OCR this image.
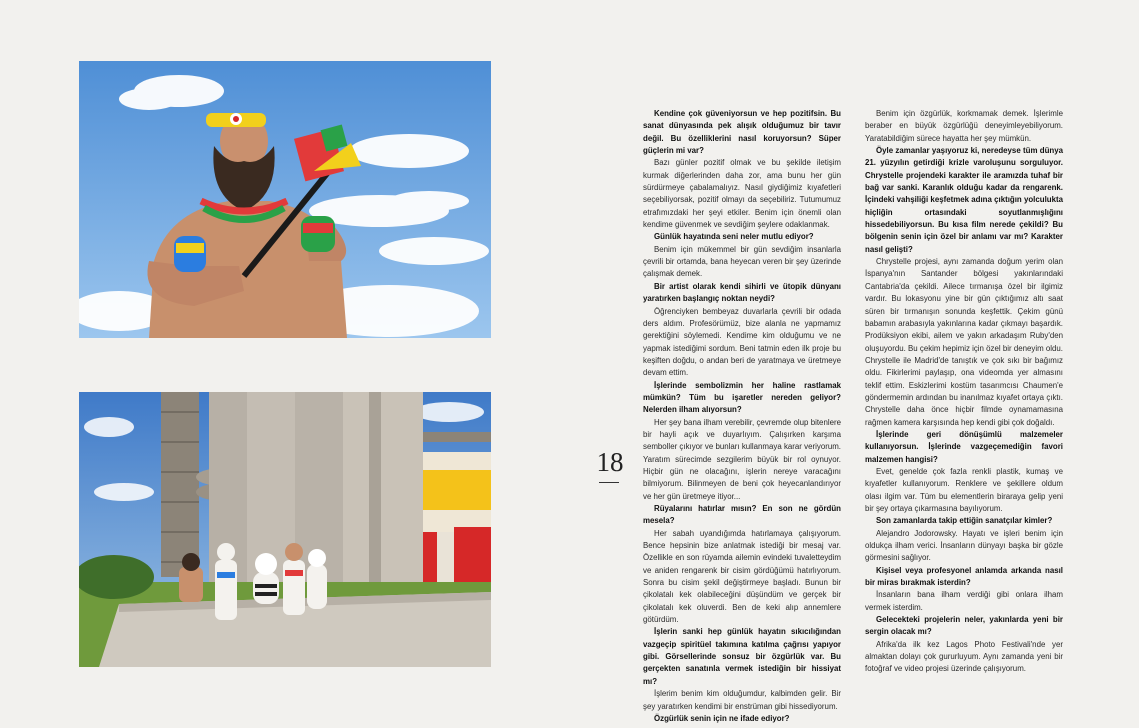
18

Kendine çok güveniyorsun ve hep pozitifsin. Bu sanat dünyasında pek alışık olduğumuz bir tavır değil. Bu özelliklerini nasıl koruyorsun? Süper güçlerin mi var?

Bazı günler pozitif olmak ve bu şekilde iletişim kurmak diğerlerinden daha zor, ama bunu her gün sürdürmeye çabalamalıyız. Nasıl giydiğimiz kıyafetleri seçebiliyorsak, pozitif olmayı da seçebiliriz. Tutumumuz etrafımızdaki her şeyi etkiler. Benim için önemli olan kendime güvenmek ve sevdiğim şeylere odaklanmak.

Günlük hayatında seni neler mutlu ediyor?

Benim için mükemmel bir gün sevdiğim insanlarla çevrili bir ortamda, bana heyecan veren bir şey üzerinde çalışmak demek.

Bir artist olarak kendi sihirli ve ütopik dünyanı yaratırken başlangıç noktan neydi?

Öğrenciyken bembeyaz duvarlarla çevrili bir odada ders aldım. Profesörümüz, bize alanla ne yapmamız gerektiğini söylemedi. Kendime kim olduğumu ve ne yapmak istediğimi sordum. Beni tatmin eden ilk proje bu keşiften doğdu, o andan beri de yaratmaya ve üretmeye devam ettim.

İşlerinde sembolizmin her haline rastlamak mümkün? Tüm bu işaretler nereden geliyor? Nelerden ilham alıyorsun?

Her şey bana ilham verebilir, çevremde olup bitenlere bir hayli açık ve duyarlıyım. Çalışırken karşıma semboller çıkıyor ve bunları kullanmaya karar veriyorum. Yaratım sürecimde sezgilerim büyük bir rol oynuyor. Hiçbir gün ne olacağını, işlerin nereye varacağını bilmiyorum. Bilinmeyen de beni çok heyecanlandırıyor ve her gün üretmeye itiyor...

Rüyalarını hatırlar mısın? En son ne gördün mesela?

Her sabah uyandığımda hatırlamaya çalışıyorum. Bence hepsinin bize anlatmak istediği bir mesaj var. Özellikle en son rüyamda ailemin evindeki tuvaletteydim ve aniden rengarenk bir cisim gördüğümü hatırlıyorum. Sonra bu cisim şekil değiştirmeye başladı. Bunun bir çikolatalı kek olabileceğini düşündüm ve gerçek bir çikolatalı kek oluverdi. Ben de keki alıp annemlere götürdüm.

İşlerin sanki hep günlük hayatın sıkıcılığından vazgeçip spiritüel takımına katılma çağrısı yapıyor gibi. Görsellerinde sonsuz bir özgürlük var. Bu gerçekten sanatınla vermek istediğin bir hissiyat mı?

İşlerim benim kim olduğumdur, kalbimden gelir. Bir şey yaratırken kendimi bir enstrüman gibi hissediyorum.

Özgürlük senin için ne ifade ediyor?

Benim için özgürlük, korkmamak demek. İşlerimle beraber en büyük özgürlüğü deneyimleyebiliyorum. Yaratabildiğim sürece hayatta her şey mümkün.

Öyle zamanlar yaşıyoruz ki, neredeyse tüm dünya 21. yüzyılın getirdiği krizle varoluşunu sorguluyor. Chrystelle projendeki karakter ile aramızda tuhaf bir bağ var sanki. Karanlık olduğu kadar da rengarenk. İçindeki vahşiliği keşfetmek adına çıktığın yolculukta hiçliğin ortasındaki soyutlanmışlığını hissedebiliyorsun. Bu kısa film nerede çekildi? Bu bölgenin senin için özel bir anlamı var mı? Karakter nasıl gelişti?

Chrystelle projesi, aynı zamanda doğum yerim olan İspanya'nın Santander bölgesi yakınlarındaki Cantabria'da çekildi. Ailece tırmanışa özel bir ilgimiz vardır. Bu lokasyonu yine bir gün çıktığımız altı saat süren bir tırmanışın sonunda keşfettik. Çekim günü babamın arabasıyla yakınlarına kadar çıkmayı başardık. Prodüksiyon ekibi, ailem ve yakın arkadaşım Ruby'den oluşuyordu. Bu çekim hepimiz için özel bir deneyim oldu. Chrystelle ile Madrid'de tanıştık ve çok sıkı bir bağımız oldu. Fikirlerimi paylaşıp, ona videomda yer almasını teklif ettim. Eskizlerimi kostüm tasarımcısı Chaumen'e göndermemin ardından bu inanılmaz kıyafet ortaya çıktı. Chrystelle daha önce hiçbir filmde oynamamasına rağmen kamera karşısında hep kendi gibi çok doğaldı.

İşlerinde geri dönüşümlü malzemeler kullanıyorsun. İşlerinde vazgeçemediğin favori malzemen hangisi?

Evet, genelde çok fazla renkli plastik, kumaş ve kıyafetler kullanıyorum. Renklere ve şekillere oldum olası ilgim var. Tüm bu elementlerin biraraya gelip yeni bir şey ortaya çıkarmasına bayılıyorum.

Son zamanlarda takip ettiğin sanatçılar kimler?

Alejandro Jodorowsky. Hayatı ve işleri benim için oldukça ilham verici. İnsanların dünyayı başka bir gözle görmesini sağlıyor.

Kişisel veya profesyonel anlamda arkanda nasıl bir miras bırakmak isterdin?

İnsanların bana ilham verdiği gibi onlara ilham vermek isterdim.

Gelecekteki projelerin neler, yakınlarda yeni bir sergin olacak mı?

Afrika'da ilk kez Lagos Photo Festivali'nde yer almaktan dolayı çok gururluyum. Aynı zamanda yeni bir fotoğraf ve video projesi üzerinde çalışıyorum.
